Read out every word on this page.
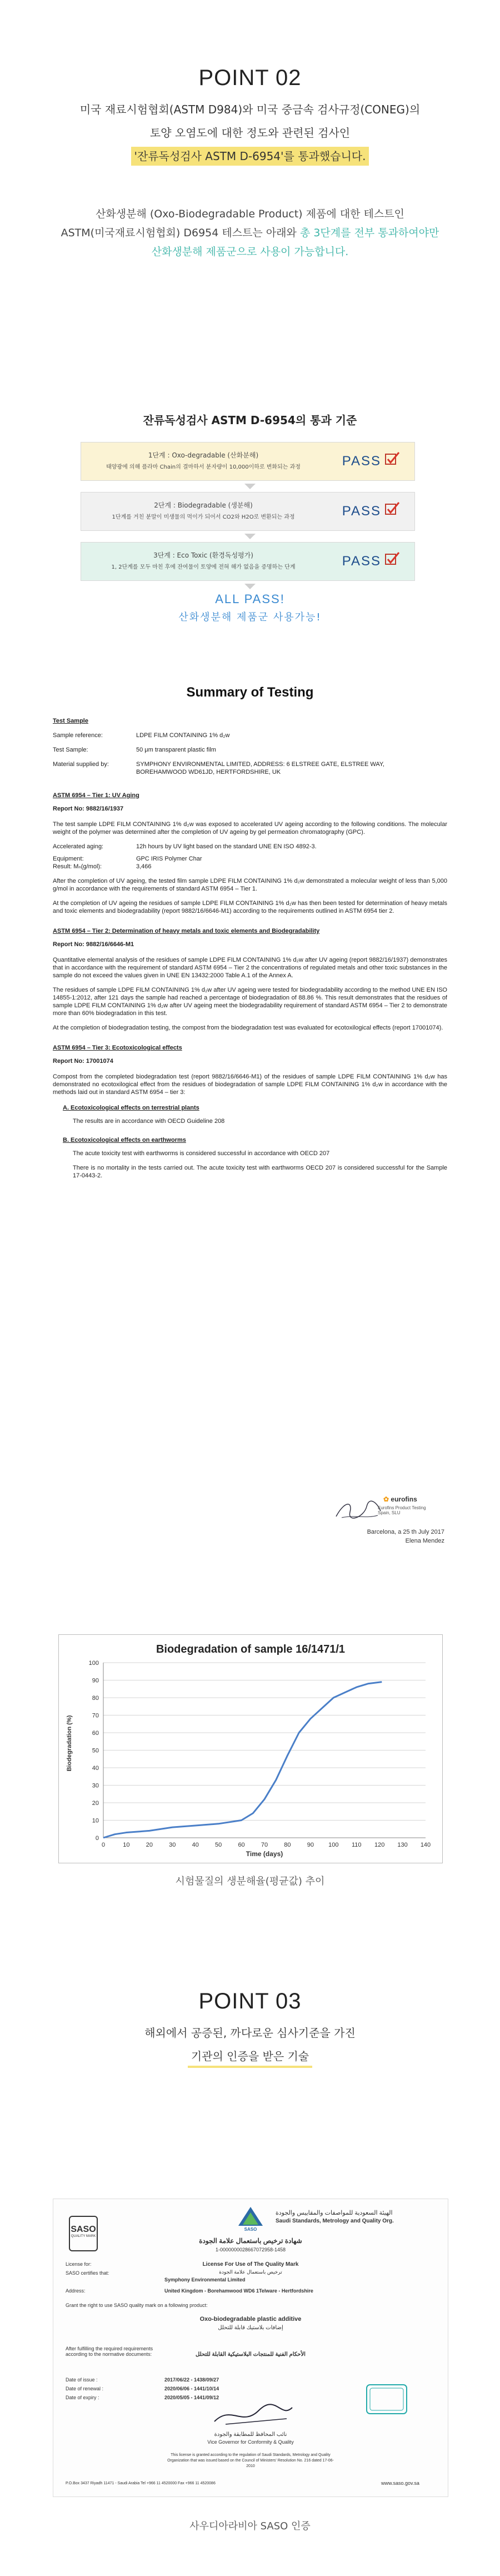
POINT 02
미국 재료시험협회(ASTM D984)와 미국 중금속 검사규정(CONEG)의
토양 오염도에 대한 정도와 관련된 검사인
'잔류독성검사 ASTM D-6954'를 통과했습니다.
산화생분해 (Oxo-Biodegradable Product) 제품에 대한 테스트인
ASTM(미국재료시험협회) D6954 테스트는 아래와 총 3단계를 전부 통과하여야만
산화생분해 제품군으로 사용이 가능합니다.
잔류독성검사 ASTM D-6954의 통과 기준
1단계 : Oxo-degradable (산화분해)
태양광에 의해 플라마 Chain의 결마하서 분자량이 10,000이하로 변화되는 과정	PASS
2단계 : Biodegradable (생분해)
1단계를 거친 분말이 미생물의 먹이가 되어서 CO2와 H2O로 변환되는 과정	PASS
3단계 : Eco Toxic (환경독성평가)
1, 2단계를 모두 마친 후에 잔여물이 토양에 전혀 해가 없음을 증명하는 단계	PASS
ALL PASS!
산화생분해 제품군 사용가능!
Summary of Testing

Test Sample

Sample reference:	LDPE FILM CONTAINING 1% d₂w
Test Sample:	50 μm transparent plastic film
Material supplied by:	SYMPHONY ENVIRONMENTAL LIMITED, ADDRESS: 6 ELSTREE GATE, ELSTREE WAY, BOREHAMWOOD WD61JD, HERTFORDSHIRE, UK

ASTM 6954 – Tier 1: UV Aging

Report No: 9882/16/1937

The test sample LDPE FILM CONTAINING 1% d₂w was exposed to accelerated UV ageing according to the following conditions. The molecular weight of the polymer was determined after the completion of UV ageing by gel permeation chromatography (GPC).

Accelerated aging:	12h hours by UV light based on the standard UNE EN ISO 4892-3.
Equipment:	GPC IRIS Polymer Char
Result: Mₙ(g/mol):	3,466

After the completion of UV ageing, the tested film sample LDPE FILM CONTAINING 1% d₂w demonstrated a molecular weight of less than 5,000 g/mol in accordance with the requirements of standard ASTM 6954 – Tier 1.

At the completion of UV ageing the residues of sample LDPE FILM CONTAINING 1% d₂w has then been tested for determination of heavy metals and toxic elements and biodegradability (report 9882/16/6646-M1) according to the requirements outlined in ASTM 6954 tier 2.

ASTM 6954 – Tier 2: Determination of heavy metals and toxic elements and Biodegradability

Report No: 9882/16/6646-M1

Quantitative elemental analysis of the residues of sample LDPE FILM CONTAINING 1% d₂w after UV ageing (report 9882/16/1937) demonstrates that in accordance with the requirement of standard ASTM 6954 – Tier 2 the concentrations of regulated metals and other toxic substances in the sample do not exceed the values given in UNE EN 13432:2000 Table A.1 of the Annex A.

The residues of sample LDPE FILM CONTAINING 1% d₂w after UV ageing were tested for biodegradability according to the method UNE EN ISO 14855-1:2012, after 121 days the sample had reached a percentage of biodegradation of 88.86 %. This result demonstrates that the residues of sample LDPE FILM CONTAINING 1% d₂w after UV ageing meet the biodegradability requirement of standard ASTM 6954 – Tier 2 to demonstrate more than 60% biodegradation in this test.

At the completion of biodegradation testing, the compost from the biodegradation test was evaluated for ecotoxilogical effects (report 17001074).

ASTM 6954 – Tier 3: Ecotoxicological effects

Report No: 17001074

Compost from the completed biodegradation test (report 9882/16/6646-M1) of the residues of sample LDPE FILM CONTAINING 1% d₂w has demonstrated no ecotoxilogical effect from the residues of biodegradation of sample LDPE FILM CONTAINING 1% d₂w in accordance with the methods laid out in standard ASTM 6954 – tier 3:

A. Ecotoxicological effects on terrestrial plants

The results are in accordance with OECD Guideline 208

B. Ecotoxicological effects on earthworms

The acute toxicity test with earthworms is considered successful in accordance with OECD 207

There is no mortality in the tests carried out. The acute toxicity test with earthworms OECD 207 is considered successful for the Sample 17-0443-2.

✿ eurofins
Eurofins Product Testing Spain, SLU
Barcelona, a 25 th July 2017
Elena Mendez
Biodegradation of sample 16/1471/1
0
10
20
30
40
50
60
70
80
90
100
0	10	20	30	40	50	60	70	80	90 100 110 120 130 140
Time (days)
Biodegradation (%)
시험물질의 생분해율(평균값) 추이
POINT 03
해외에서 공증된, 까다로운 심사기준을 가진
기관의 인증을 받은 기술
SASO
QUALITY MARK
SASO
الهيئة السعودية للمواصفات والمقاييس والجودة
Saudi Standards, Metrology and Quality Org.
شهادة ترخيص باستعمال علامة الجودة
1-0000000028667072958-1458
License For Use of The Quality Mark
ترخيص باستعمال علامة الجودة
License for:
SASO certifies that:
Symphony Environmental Limited
Address:	United Kingdom - Borehamwood WD6 1Telware - Hertfordshire
Grant the right to use SASO quality mark on a following product:
Oxo-biodegradable plastic additive
إضافات بلاستيك قابلة للتحلل
After fulfilling the required requirements according to the normative documents:	الأحكام الفنية للمنتجات البلاستيكية القابلة للتحلل
Date of issue :	2017/06/22 - 1438/09/27
Date of renewal :	2020/06/06 - 1441/10/14
Date of expiry :	2020/05/05 - 1441/09/12
نائب المحافظ للمطابقة والجودة
Vice Governor for Conformity & Quality
This license is granted according to the regulation of Saudi Standards, Metrology and Quality Organization that was issued based on the Council of Ministers' Resolution No. 216 dated 17-06-2010
P.O.Box 3437 Riyadh 11471 - Saudi Arabia Tel +966 11 4520000 Fax +966 11 4520086	www.saso.gov.sa
사우디아라비아 SASO 인증
